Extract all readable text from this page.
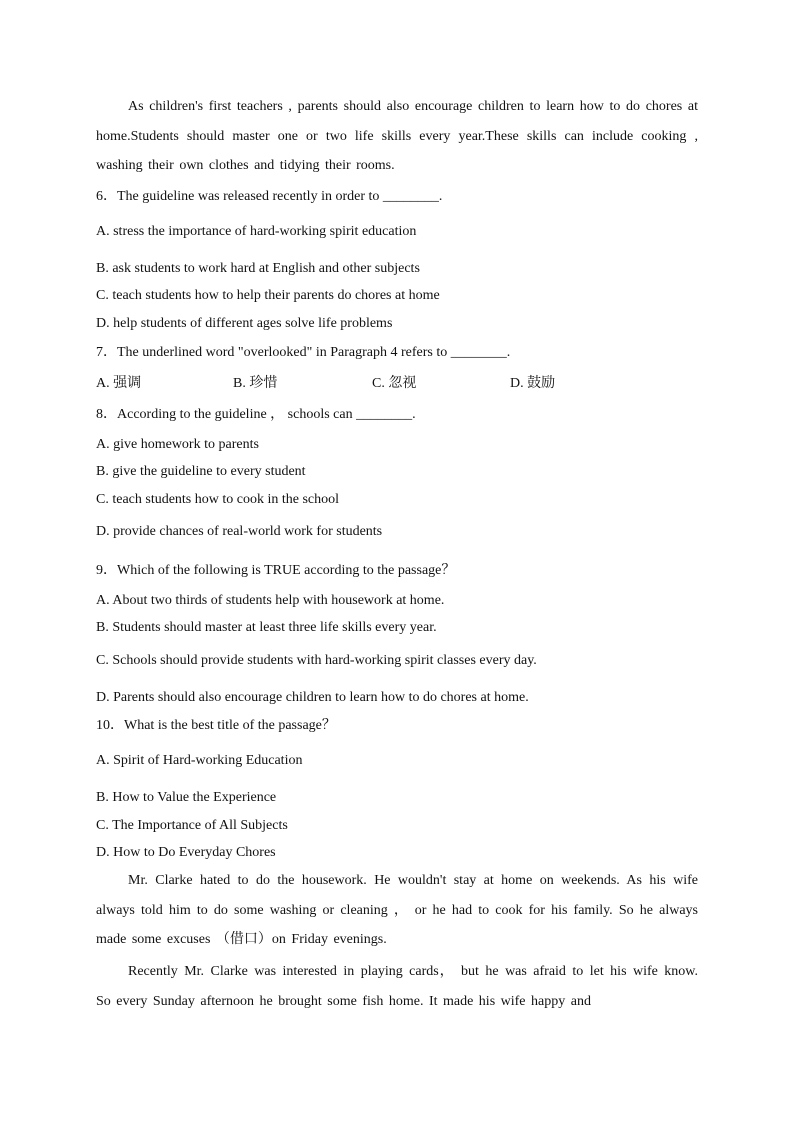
As children's first teachers , parents should also encourage children to learn how to do chores at home.Students should master one or two life skills every year.These skills can include cooking , washing their own clothes and tidying their rooms.
6．The guideline was released recently in order to ________.
A. stress the importance of hard-working spirit education
B. ask students to work hard at English and other subjects
C. teach students how to help their parents do chores at home
D. help students of different ages solve life problems
7．The underlined word "overlooked" in Paragraph 4 refers to ________.
A. 强调	B. 珍惜	C. 忽视	D. 鼓励
8．According to the guideline ， schools can ________.
A. give homework to parents
B. give the guideline to every student
C. teach students how to cook in the school
D. provide chances of real-world work for students
9．Which of the following is TRUE according to the passage？
A. About two thirds of students help with housework at home.
B. Students should master at least three life skills every year.
C. Schools should provide students with hard-working spirit classes every day.
D. Parents should also encourage children to learn how to do chores at home.
10．What is the best title of the passage？
A. Spirit of Hard-working Education
B. How to Value the Experience
C. The Importance of All Subjects
D. How to Do Everyday Chores
Mr. Clarke hated to do the housework. He wouldn't stay at home on weekends. As his wife always told him to do some washing or cleaning ， or he had to cook for his family. So he always made some excuses （借口）on Friday evenings.
Recently Mr. Clarke was interested in playing cards， but he was afraid to let his wife know. So every Sunday afternoon he brought some fish home. It made his wife happy and
